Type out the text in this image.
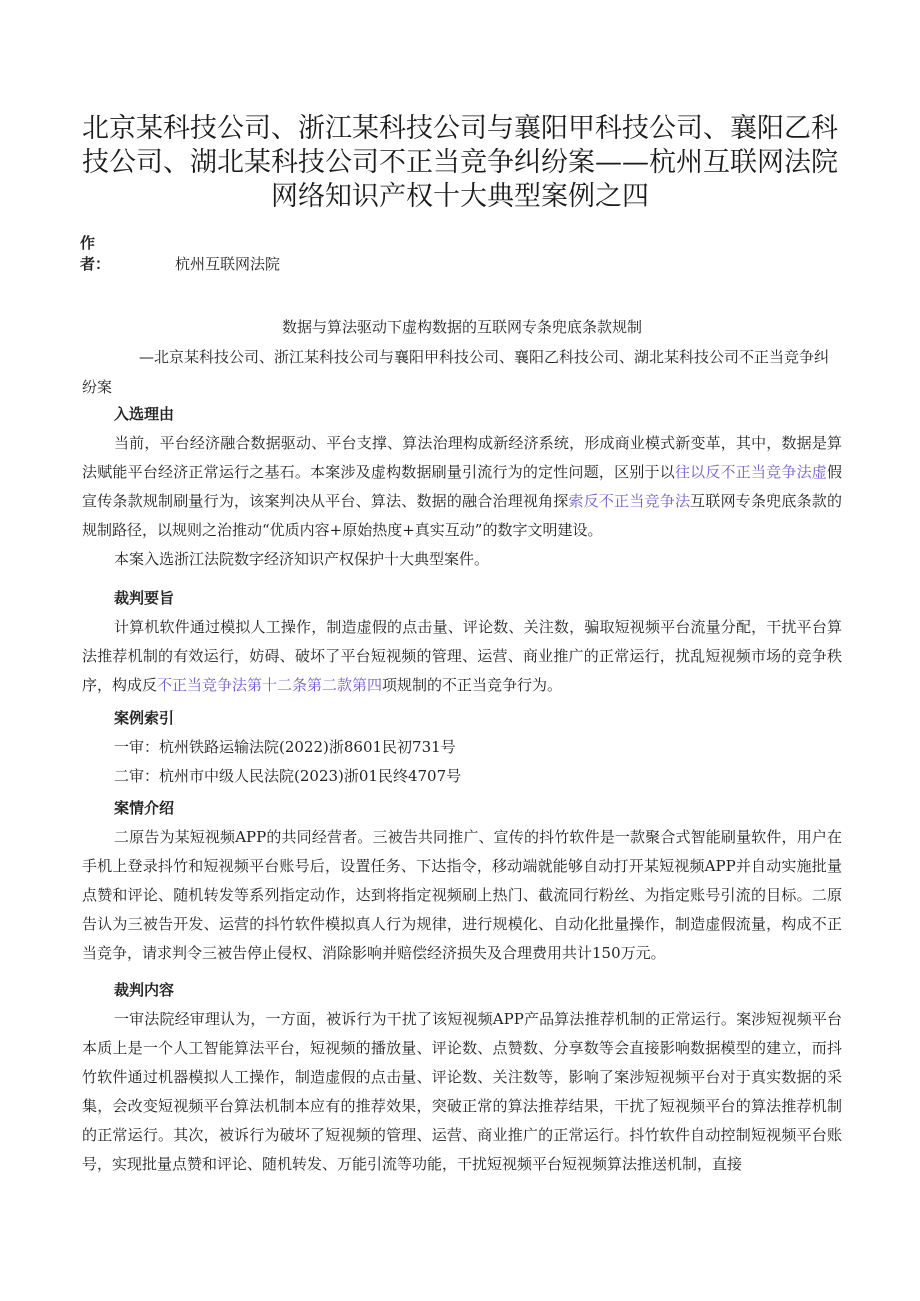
北京某科技公司、浙江某科技公司与襄阳甲科技公司、襄阳乙科技公司、湖北某科技公司不正当竞争纠纷案——杭州互联网法院网络知识产权十大典型案例之四
作者：	杭州互联网法院
数据与算法驱动下虚构数据的互联网专条兜底条款规制
—北京某科技公司、浙江某科技公司与襄阳甲科技公司、襄阳乙科技公司、湖北某科技公司不正当竞争纠纷案
入选理由
当前，平台经济融合数据驱动、平台支撑、算法治理构成新经济系统，形成商业模式新变革，其中，数据是算法赋能平台经济正常运行之基石。本案涉及虚构数据刷量引流行为的定性问题，区别于以往以反不正当竞争法虚假宣传条款规制刷量行为，该案判决从平台、算法、数据的融合治理视角探索反不正当竞争法互联网专条兜底条款的规制路径，以规则之治推动“优质内容+原始热度+真实互动”的数字文明建设。
本案入选浙江法院数字经济知识产权保护十大典型案件。
裁判要旨
计算机软件通过模拟人工操作，制造虚假的点击量、评论数、关注数，骗取短视频平台流量分配，干扰平台算法推荐机制的有效运行，妨碍、破坏了平台短视频的管理、运营、商业推广的正常运行，扰乱短视频市场的竞争秩序，构成反不正当竞争法第十二条第二款第四项规制的不正当竞争行为。
案例索引
一审：杭州铁路运输法院(2022)浙8601民初731号
二审：杭州市中级人民法院(2023)浙01民终4707号
案情介绍
二原告为某短视频APP的共同经营者。三被告共同推广、宣传的抖竹软件是一款聚合式智能刷量软件，用户在手机上登录抖竹和短视频平台账号后，设置任务、下达指令，移动端就能够自动打开某短视频APP并自动实施批量点赞和评论、随机转发等系列指定动作，达到将指定视频刷上热门、截流同行粉丝、为指定账号引流的目标。二原告认为三被告开发、运营的抖竹软件模拟真人行为规律，进行规模化、自动化批量操作，制造虚假流量，构成不正当竞争，请求判令三被告停止侵权、消除影响并赔偿经济损失及合理费用共计150万元。
裁判内容
一审法院经审理认为，一方面，被诉行为干扰了该短视频APP产品算法推荐机制的正常运行。案涉短视频平台本质上是一个人工智能算法平台，短视频的播放量、评论数、点赞数、分享数等会直接影响数据模型的建立，而抖竹软件通过机器模拟人工操作，制造虚假的点击量、评论数、关注数等，影响了案涉短视频平台对于真实数据的采集，会改变短视频平台算法机制本应有的推荐效果，突破正常的算法推荐结果，干扰了短视频平台的算法推荐机制的正常运行。其次，被诉行为破坏了短视频的管理、运营、商业推广的正常运行。抖竹软件自动控制短视频平台账号，实现批量点赞和评论、随机转发、万能引流等功能，干扰短视频平台短视频算法推送机制，直接
